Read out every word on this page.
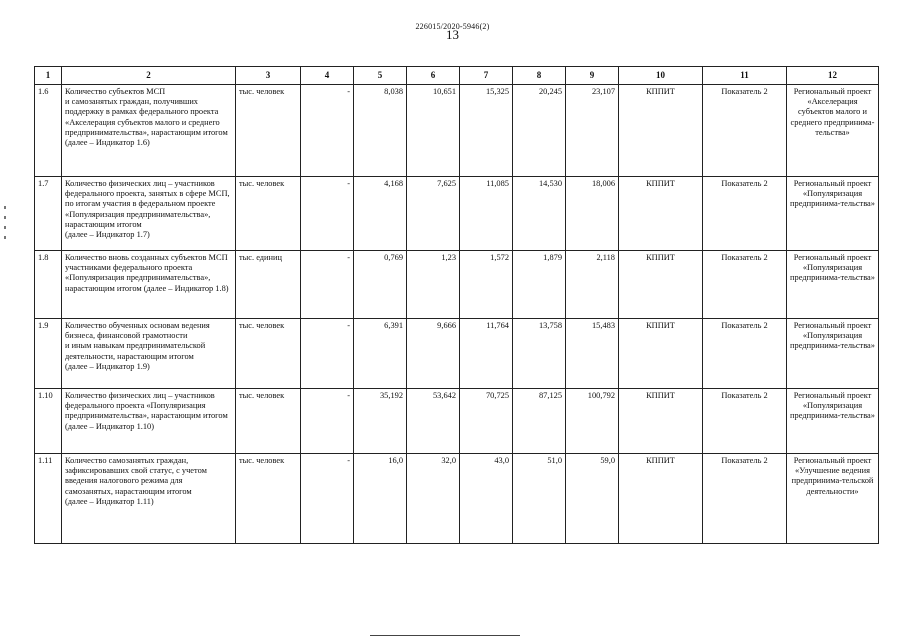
226015/2020-5946(2)
13
1	2	3	4	5	6	7	8	9	10	11	12
1.6	Количество субъектов МСП
и самозанятых граждан, получивших поддержку в рамках федерального проекта «Акселерация субъектов малого и среднего предпринимательства», нарастающим итогом
(далее – Индикатор 1.6)	тыс. человек	-	8,038	10,651	15,325	20,245	23,107	КППИТ	Показатель 2	Региональный проект «Акселерация субъектов малого и среднего предпринима-тельства»
1.7	Количество физических лиц – участников федерального проекта, занятых в сфере МСП, по итогам участия в федеральном проекте «Популяризация предпринимательства», нарастающим итогом
(далее – Индикатор 1.7)	тыс. человек	-	4,168	7,625	11,085	14,530	18,006	КППИТ	Показатель 2	Региональный проект «Популяризация предпринима-тельства»
1.8	Количество вновь созданных субъектов МСП участниками федерального проекта «Популяризация предпринимательства», нарастающим итогом (далее – Индикатор 1.8)	тыс. единиц	-	0,769	1,23	1,572	1,879	2,118	КППИТ	Показатель 2	Региональный проект «Популяризация предпринима-тельства»
1.9	Количество обученных основам ведения бизнеса, финансовой грамотности
и иным навыкам предпринимательской деятельности, нарастающим итогом
(далее – Индикатор 1.9)	тыс. человек	-	6,391	9,666	11,764	13,758	15,483	КППИТ	Показатель 2	Региональный проект «Популяризация предпринима-тельства»
1.10	Количество физических лиц – участников федерального проекта «Популяризация предпринимательства», нарастающим итогом
(далее – Индикатор 1.10)	тыс. человек	-	35,192	53,642	70,725	87,125	100,792	КППИТ	Показатель 2	Региональный проект «Популяризация предпринима-тельства»
1.11	Количество самозанятых граждан, зафиксировавших свой статус, с учетом введения налогового режима для самозанятых, нарастающим итогом
(далее – Индикатор 1.11)	тыс. человек	-	16,0	32,0	43,0	51,0	59,0	КППИТ	Показатель 2	Региональный проект «Улучшение ведения предпринима-тельской деятельности»
